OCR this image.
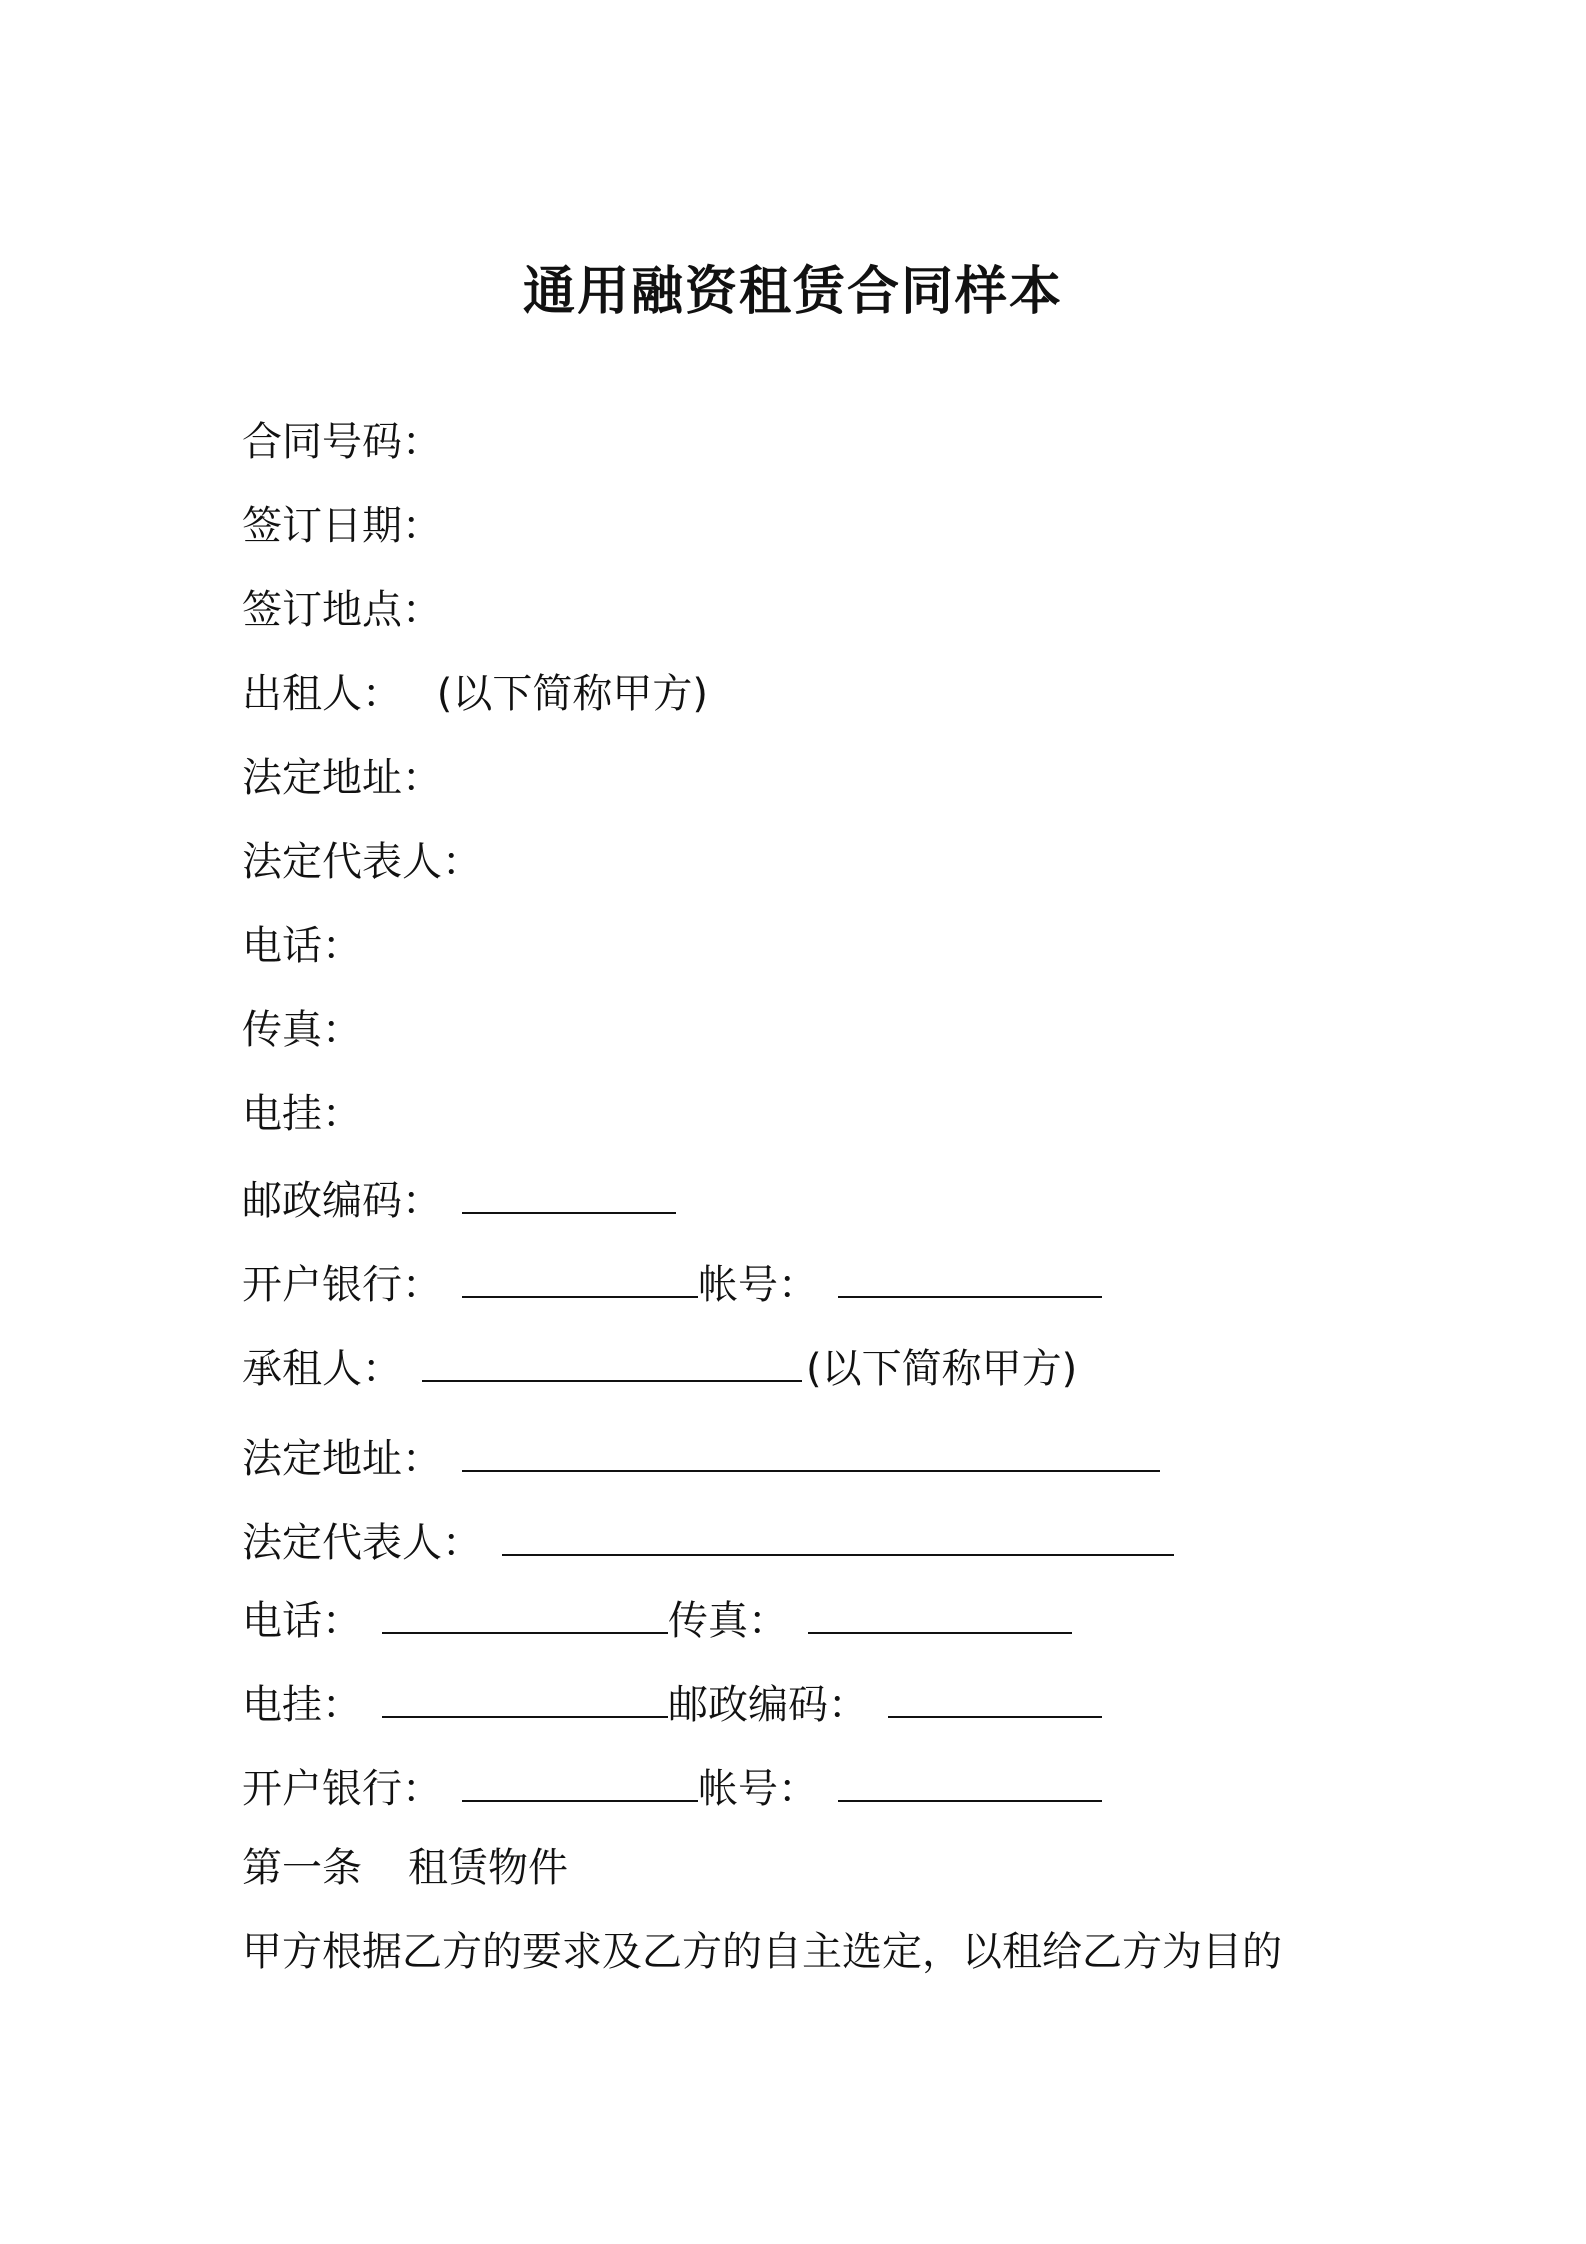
通用融资租赁合同样本
合同号码：
签订日期：
签订地点：
出租人： (以下简称甲方)
法定地址：
法定代表人：
电话：
传真：
电挂：
邮政编码：
开户银行：	帐号：
承租人：	(以下简称甲方)
法定地址：
法定代表人：
电话：	传真：
电挂：	邮政编码：
开户银行：	帐号：
第一条 租赁物件
甲方根据乙方的要求及乙方的自主选定，以租给乙方为目的
